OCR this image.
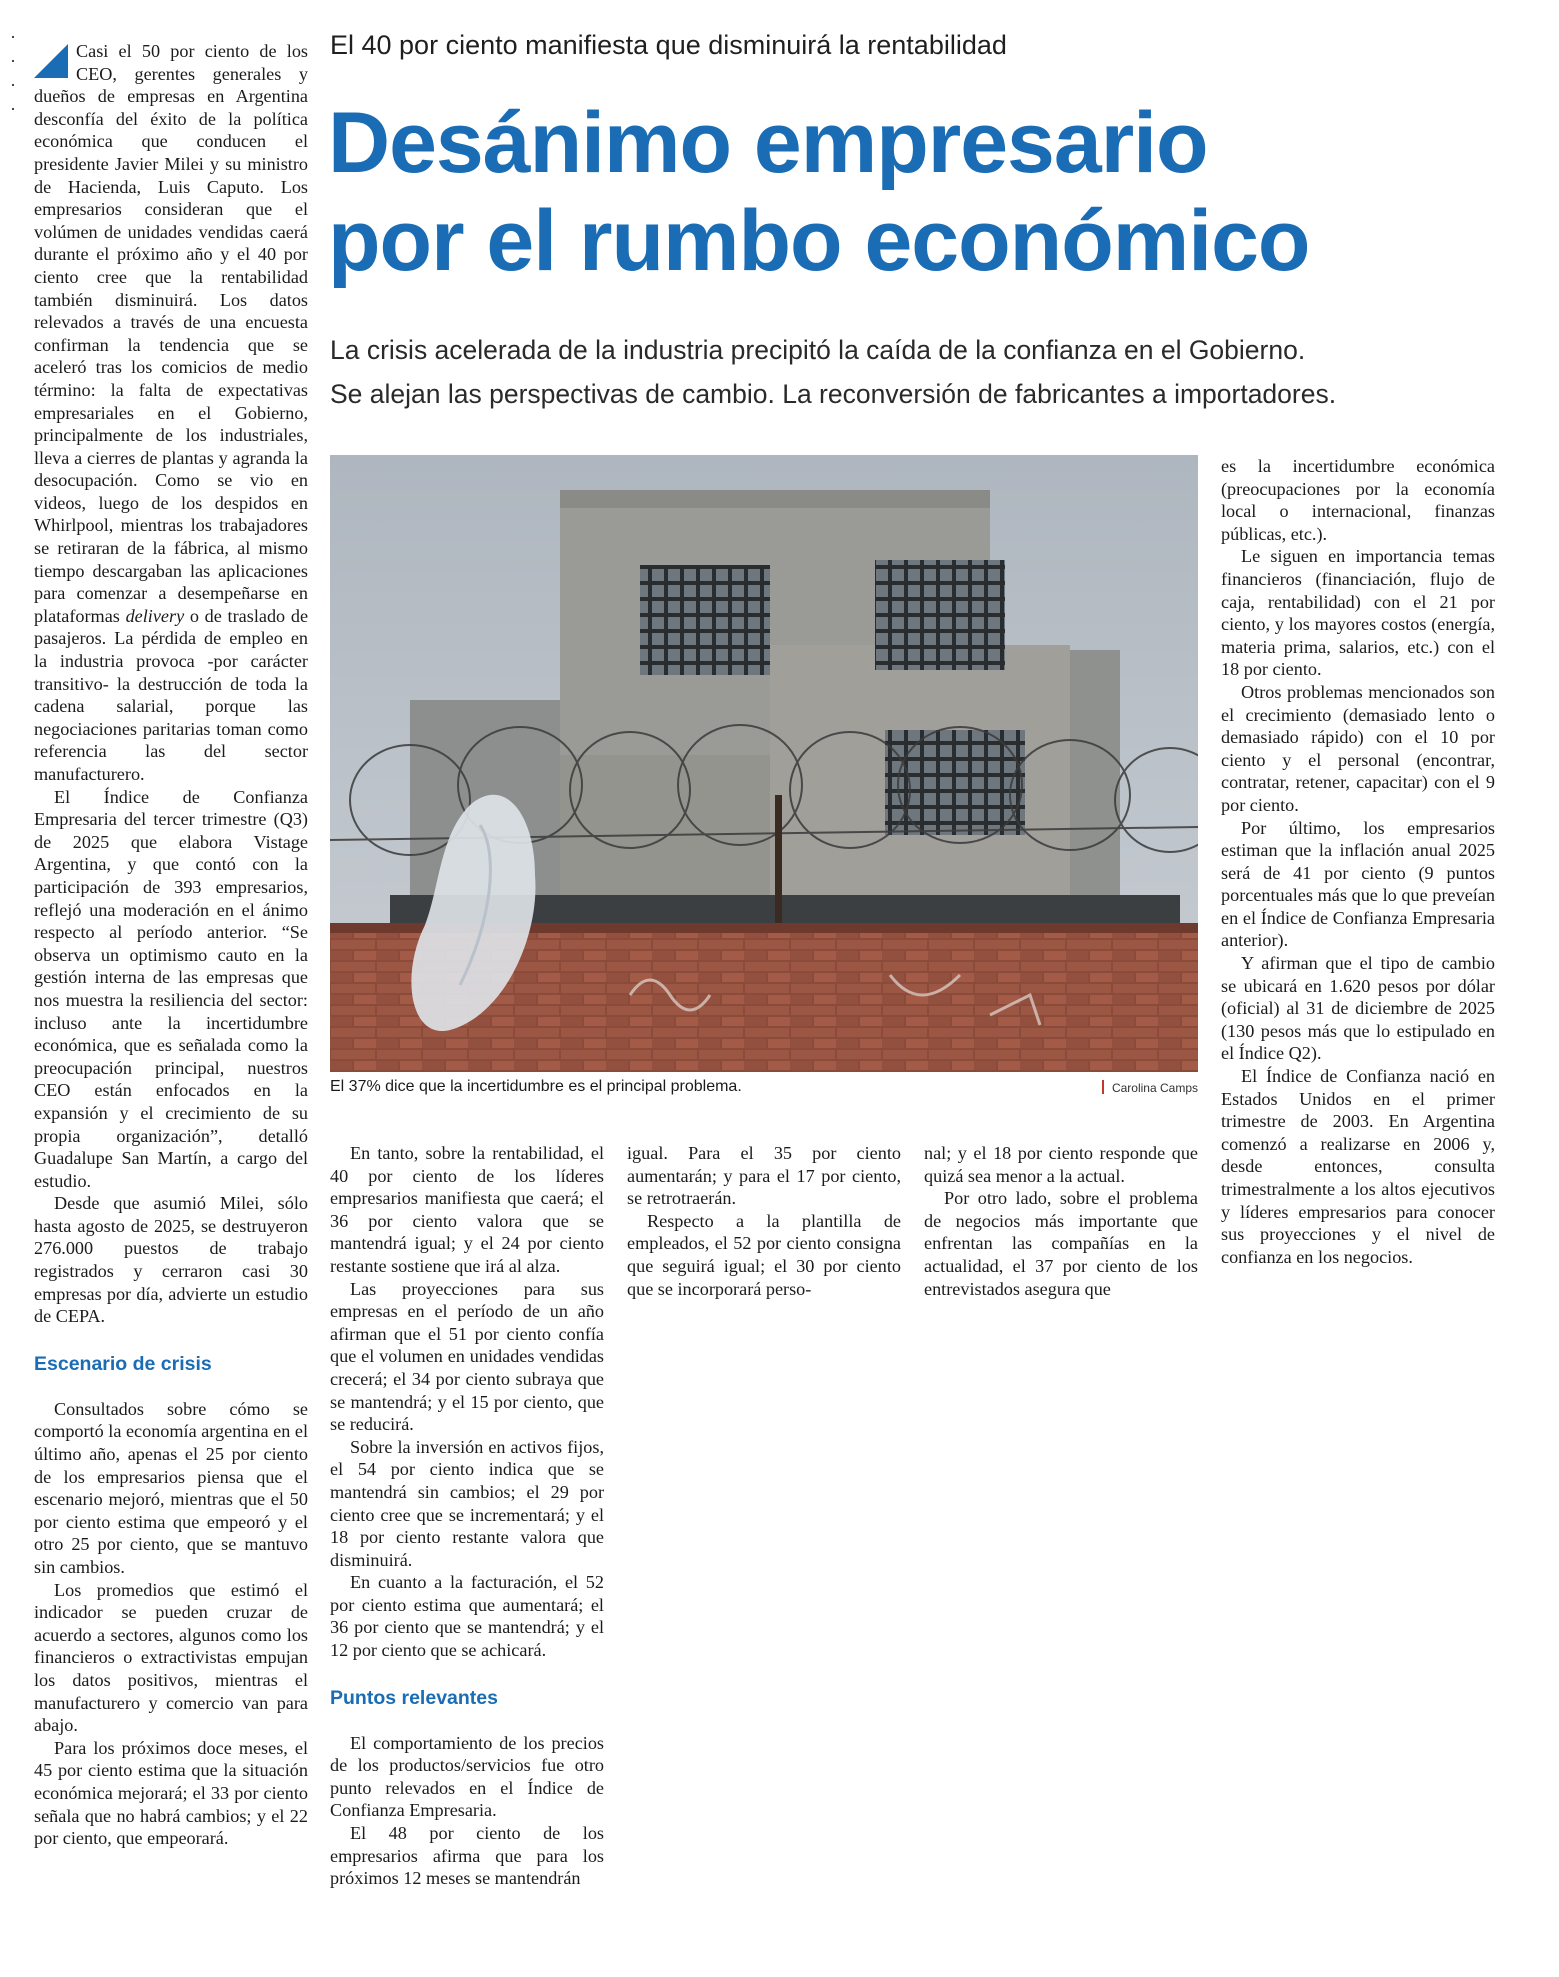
El 40 por ciento manifiesta que disminuirá la rentabilidad
Desánimo empresario
por el rumbo económico
La crisis acelerada de la industria precipitó la caída de la confianza en el Gobierno.
Se alejan las perspectivas de cambio. La reconversión de fabricantes a importadores.

Casi el 50 por ciento de los CEO, gerentes generales y dueños de empresas en Argentina desconfía del éxito de la política económica que conducen el presidente Javier Milei y su ministro de Hacienda, Luis Caputo. Los empresarios consideran que el volúmen de unidades vendidas caerá durante el próximo año y el 40 por ciento cree que la rentabilidad también disminuirá. Los datos relevados a través de una encuesta confirman la tendencia que se aceleró tras los comicios de medio término: la falta de expectativas empresariales en el Gobierno, principalmente de los industriales, lleva a cierres de plantas y agranda la desocupación. Como se vio en videos, luego de los despidos en Whirlpool, mientras los trabajadores se retiraran de la fábrica, al mismo tiempo descargaban las aplicaciones para comenzar a desempeñarse en plataformas delivery o de traslado de pasajeros. La pérdida de empleo en la industria provoca -por carácter transitivo- la destrucción de toda la cadena salarial, porque las negociaciones paritarias toman como referencia las del sector manufacturero.

El Índice de Confianza Empresaria del tercer trimestre (Q3) de 2025 que elabora Vistage Argentina, y que contó con la participación de 393 empresarios, reflejó una moderación en el ánimo respecto al período anterior. “Se observa un optimismo cauto en la gestión interna de las empresas que nos muestra la resiliencia del sector: incluso ante la incertidumbre económica, que es señalada como la preocupación principal, nuestros CEO están enfocados en la expansión y el crecimiento de su propia organización”, detalló Guadalupe San Martín, a cargo del estudio.

Desde que asumió Milei, sólo hasta agosto de 2025, se destruyeron 276.000 puestos de trabajo registrados y cerraron casi 30 empresas por día, advierte un estudio de CEPA.

Escenario de crisis

Consultados sobre cómo se comportó la economía argentina en el último año, apenas el 25 por ciento de los empresarios piensa que el escenario mejoró, mientras que el 50 por ciento estima que empeoró y el otro 25 por ciento, que se mantuvo sin cambios.

Los promedios que estimó el indicador se pueden cruzar de acuerdo a sectores, algunos como los financieros o extractivistas empujan los datos positivos, mientras el manufacturero y comercio van para abajo.

Para los próximos doce meses, el 45 por ciento estima que la situación económica mejorará; el 33 por ciento señala que no habrá cambios; y el 22 por ciento, que empeorará.

El 37% dice que la incertidumbre es el principal problema.	Carolina Camps

En tanto, sobre la rentabilidad, el 40 por ciento de los líderes empresarios manifiesta que caerá; el 36 por ciento valora que se mantendrá igual; y el 24 por ciento restante sostiene que irá al alza.

Las proyecciones para sus empresas en el período de un año afirman que el 51 por ciento confía que el volumen en unidades vendidas crecerá; el 34 por ciento subraya que se mantendrá; y el 15 por ciento, que se reducirá.

Sobre la inversión en activos fijos, el 54 por ciento indica que se mantendrá sin cambios; el 29 por ciento cree que se incrementará; y el 18 por ciento restante valora que disminuirá.

En cuanto a la facturación, el 52 por ciento estima que aumentará; el 36 por ciento que se mantendrá; y el 12 por ciento que se achicará.

Puntos relevantes

El comportamiento de los precios de los productos/servicios fue otro punto relevados en el Índice de Confianza Empresaria.

El 48 por ciento de los empresarios afirma que para los próximos 12 meses se mantendrán

igual. Para el 35 por ciento aumentarán; y para el 17 por ciento, se retrotraerán.

Respecto a la plantilla de empleados, el 52 por ciento consigna que seguirá igual; el 30 por ciento que se incorporará perso-

nal; y el 18 por ciento responde que quizá sea menor a la actual.

Por otro lado, sobre el problema de negocios más importante que enfrentan las compañías en la actualidad, el 37 por ciento de los entrevistados asegura que

es la incertidumbre económica (preocupaciones por la economía local o internacional, finanzas públicas, etc.).

Le siguen en importancia temas financieros (financiación, flujo de caja, rentabilidad) con el 21 por ciento, y los mayores costos (energía, materia prima, salarios, etc.) con el 18 por ciento.

Otros problemas mencionados son el crecimiento (demasiado lento o demasiado rápido) con el 10 por ciento y el personal (encontrar, contratar, retener, capacitar) con el 9 por ciento.

Por último, los empresarios estiman que la inflación anual 2025 será de 41 por ciento (9 puntos porcentuales más que lo que preveían en el Índice de Confianza Empresaria anterior).

Y afirman que el tipo de cambio se ubicará en 1.620 pesos por dólar (oficial) al 31 de diciembre de 2025 (130 pesos más que lo estipulado en el Índice Q2).

El Índice de Confianza nació en Estados Unidos en el primer trimestre de 2003. En Argentina comenzó a realizarse en 2006 y, desde entonces, consulta trimestralmente a los altos ejecutivos y líderes empresarios para conocer sus proyecciones y el nivel de confianza en los negocios.
